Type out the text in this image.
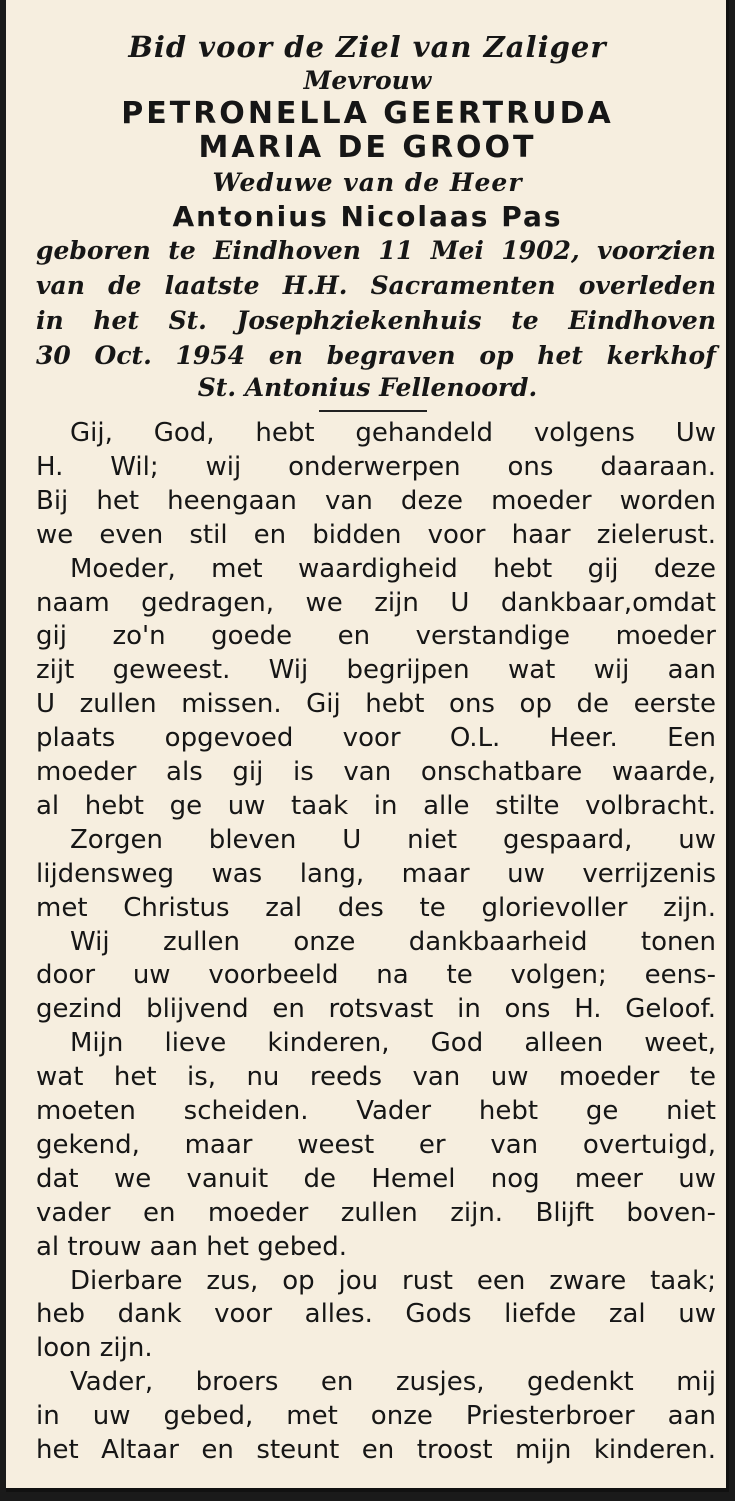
Bid voor de Ziel van Zaliger

Mevrouw

PETRONELLA GEERTRUDA

MARIA DE GROOT

Weduwe van de Heer

Antonius Nicolaas Pas

geboren te Eindhoven 11 Mei 1902, voorzien

van de laatste H.H. Sacramenten overleden

in het St. Josephziekenhuis te Eindhoven

30 Oct. 1954 en begraven op het kerkhof

St. Antonius Fellenoord.

Gij, God, hebt gehandeld volgens Uw

H. Wil; wij onderwerpen ons daaraan.

Bij het heengaan van deze moeder worden

we even stil en bidden voor haar zielerust.

Moeder, met waardigheid hebt gij deze

naam gedragen, we zijn U dankbaar,omdat

gij zo'n goede en verstandige moeder

zijt geweest. Wij begrijpen wat wij aan

U zullen missen. Gij hebt ons op de eerste

plaats opgevoed voor O.L. Heer. Een

moeder als gij is van onschatbare waarde,

al hebt ge uw taak in alle stilte volbracht.

Zorgen bleven U niet gespaard, uw

lijdensweg was lang, maar uw verrijzenis

met Christus zal des te glorievoller zijn.

Wij zullen onze dankbaarheid tonen

door uw voorbeeld na te volgen; eens-

gezind blijvend en rotsvast in ons H. Geloof.

Mijn lieve kinderen, God alleen weet,

wat het is, nu reeds van uw moeder te

moeten scheiden. Vader hebt ge niet

gekend, maar weest er van overtuigd,

dat we vanuit de Hemel nog meer uw

vader en moeder zullen zijn. Blijft boven-

al trouw aan het gebed.

Dierbare zus, op jou rust een zware taak;

heb dank voor alles. Gods liefde zal uw

loon zijn.

Vader, broers en zusjes, gedenkt mij

in uw gebed, met onze Priesterbroer aan

het Altaar en steunt en troost mijn kinderen.
